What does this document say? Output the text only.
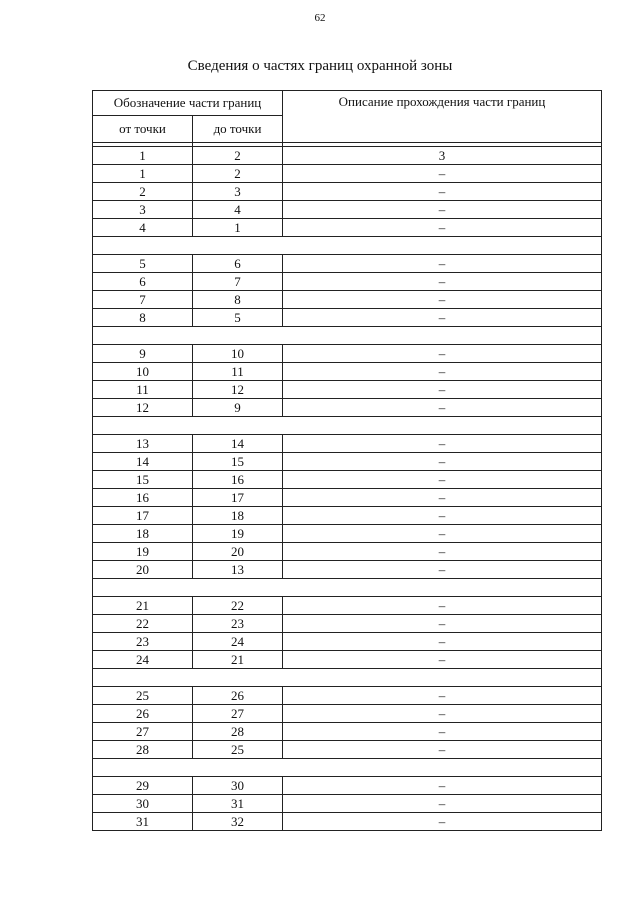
62
Сведения о частях границ охранной зоны
Обозначение части границ		Описание прохождения части границ
от точки	до точки	

1	2	3
1	2	–
2	3	–
3	4	–
4	1	–

5	6	–
6	7	–
7	8	–
8	5	–

9	10	–
10	11	–
11	12	–
12	9	–

13	14	–
14	15	–
15	16	–
16	17	–
17	18	–
18	19	–
19	20	–
20	13	–

21	22	–
22	23	–
23	24	–
24	21	–

25	26	–
26	27	–
27	28	–
28	25	–

29	30	–
30	31	–
31	32	–
